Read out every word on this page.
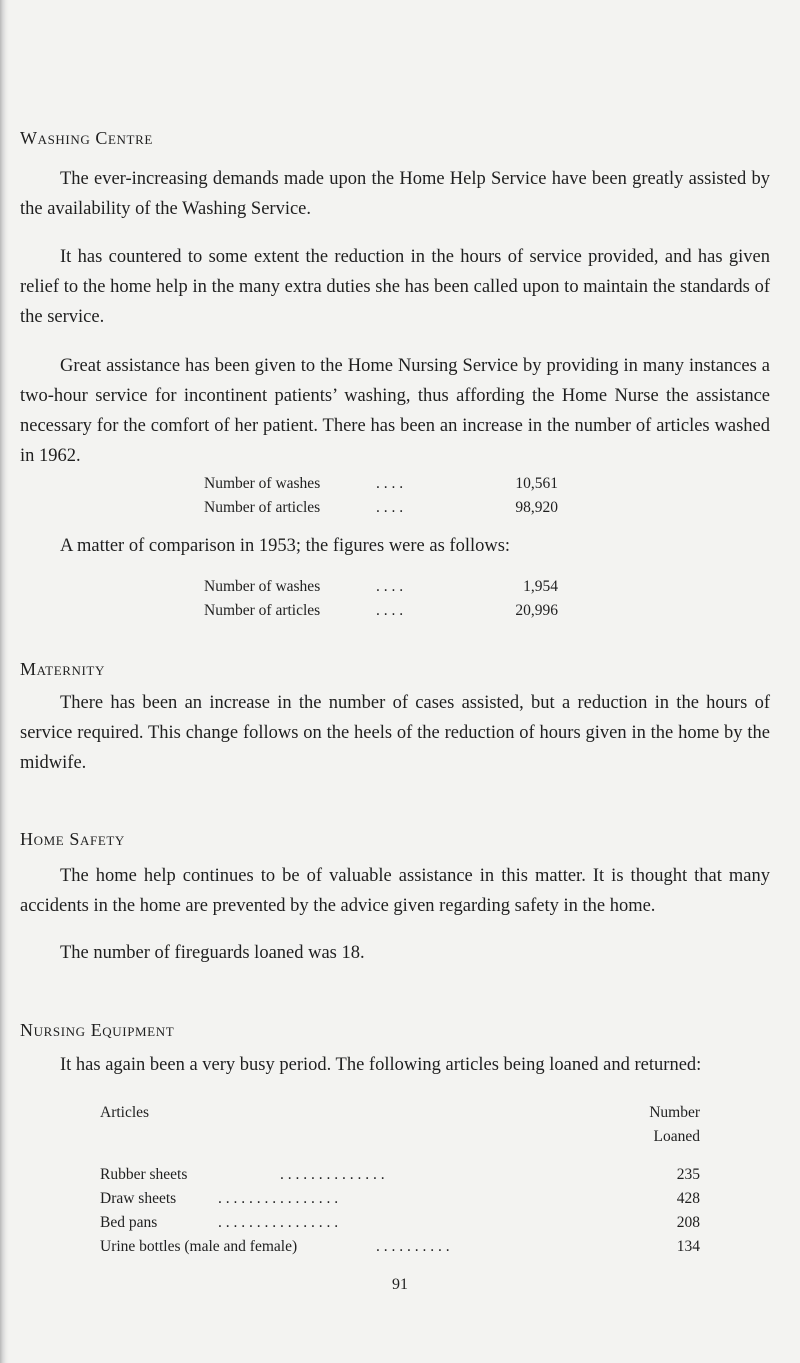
Washing Centre

The ever-increasing demands made upon the Home Help Service have been greatly assisted by the availability of the Washing Service.

It has countered to some extent the reduction in the hours of service provided, and has given relief to the home help in the many extra duties she has been called upon to maintain the standards of the service.

Great assistance has been given to the Home Nursing Service by providing in many instances a two-hour service for incontinent patients’ washing, thus affording the Home Nurse the assistance necessary for the comfort of her patient. There has been an increase in the number of articles washed in 1962.

Number of washes	. . . .	10,561
Number of articles	. . . .	98,920

A matter of comparison in 1953; the figures were as follows:

Number of washes	. . . .	1,954
Number of articles	. . . .	20,996
Maternity

There has been an increase in the number of cases assisted, but a reduction in the hours of service required. This change follows on the heels of the reduction of hours given in the home by the midwife.

Home Safety

The home help continues to be of valuable assistance in this matter. It is thought that many accidents in the home are prevented by the advice given regarding safety in the home.

The number of fireguards loaned was 18.

Nursing Equipment

It has again been a very busy period. The following articles being loaned and returned:

Articles	Number
Loaned
Rubber sheets	. . . . . . . . . . . . . .	235
Draw sheets	. . . . . . . . . . . . . . . .	428
Bed pans	. . . . . . . . . . . . . . . .	208
Urine bottles (male and female)	. . . . . . . . . .	134
91
